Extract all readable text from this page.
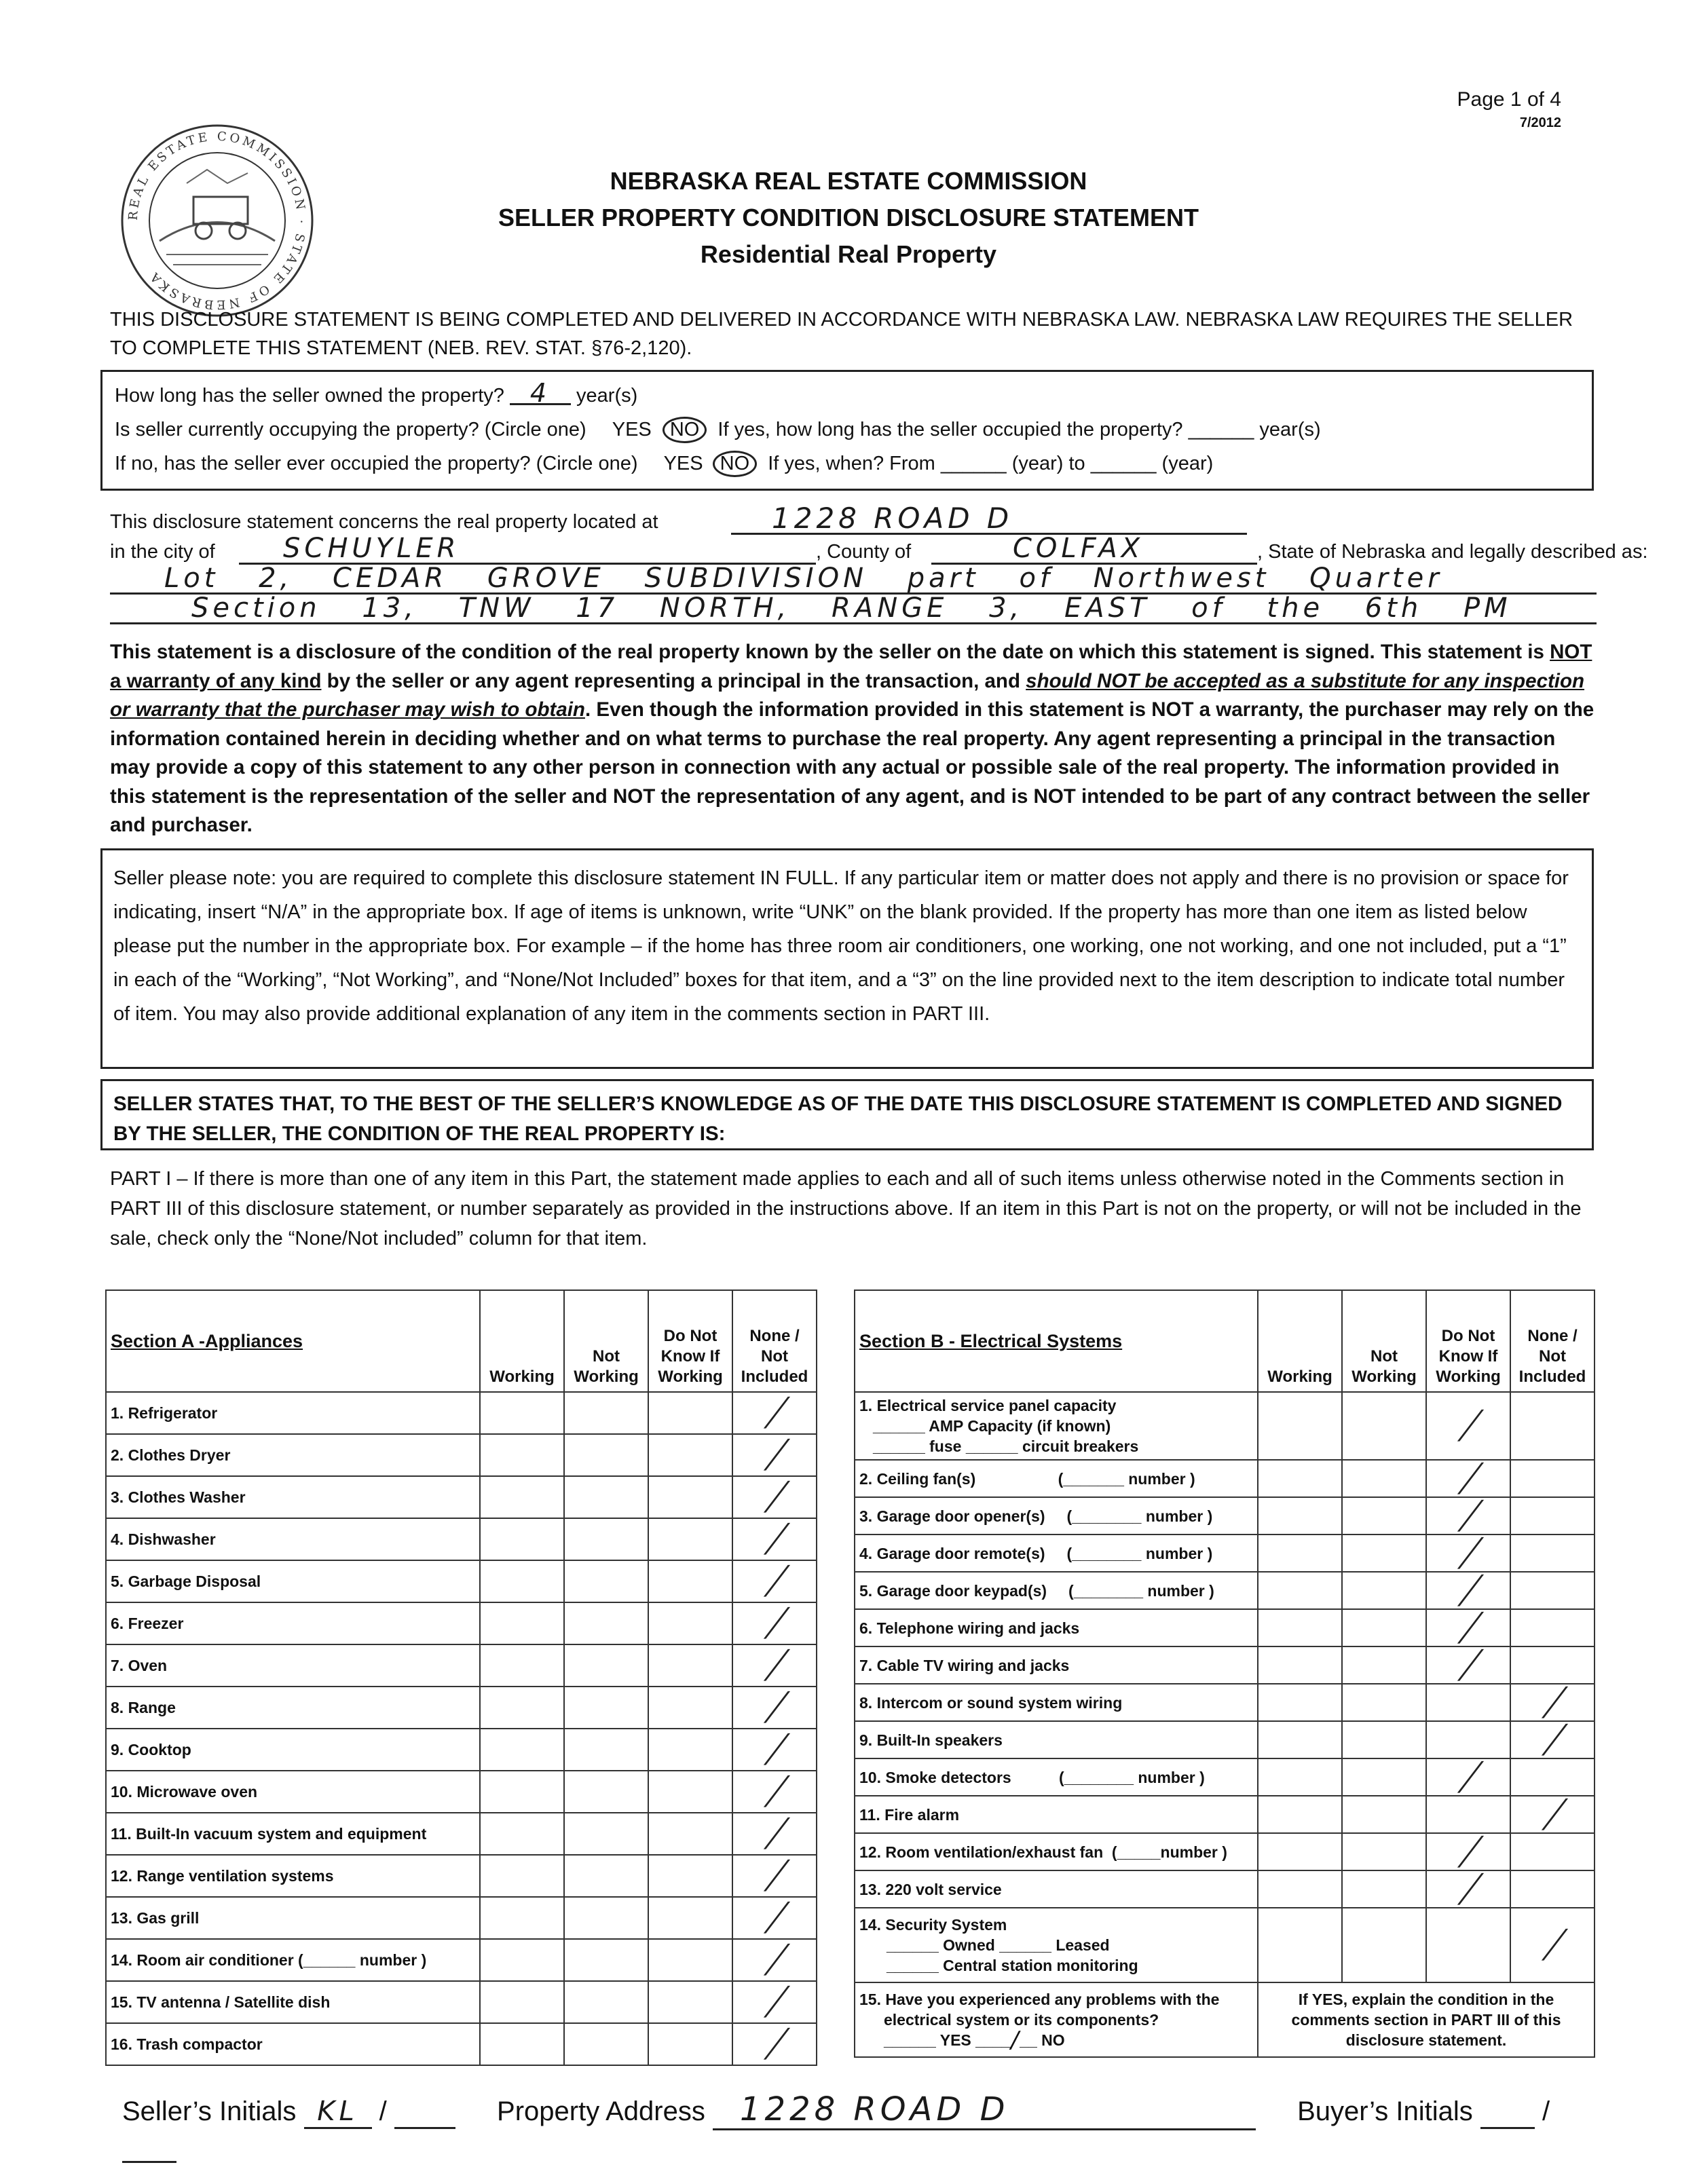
Page 1 of 4
7/2012
REAL ESTATE COMMISSION · STATE OF NEBRASKA
NEBRASKA REAL ESTATE COMMISSION
SELLER PROPERTY CONDITION DISCLOSURE STATEMENT
Residential Real Property
THIS DISCLOSURE STATEMENT IS BEING COMPLETED AND DELIVERED IN ACCORDANCE WITH NEBRASKA LAW. NEBRASKA LAW REQUIRES THE SELLER TO COMPLETE THIS STATEMENT (NEB. REV. STAT. §76-2,120).
How long has the seller owned the property? 4 year(s)
Is seller currently occupying the property? (Circle one) YES NO If yes, how long has the seller occupied the property? ______ year(s)
If no, has the seller ever occupied the property? (Circle one) YES NO If yes, when? From ______ (year) to ______ (year)
This disclosure statement concerns the real property located at	1228 ROAD D
in the city of	SCHUYLER	, County of	COLFAX	, State of Nebraska and legally described as:
Lot 2, CEDAR GROVE SUBDIVISION part of Northwest Quarter
Section 13, TNW 17 NORTH, RANGE 3, EAST of the 6th PM
This statement is a disclosure of the condition of the real property known by the seller on the date on which this statement is signed. This statement is NOT a warranty of any kind by the seller or any agent representing a principal in the transaction, and should NOT be accepted as a substitute for any inspection or warranty that the purchaser may wish to obtain. Even though the information provided in this statement is NOT a warranty, the purchaser may rely on the information contained herein in deciding whether and on what terms to purchase the real property. Any agent representing a principal in the transaction may provide a copy of this statement to any other person in connection with any actual or possible sale of the real property. The information provided in this statement is the representation of the seller and NOT the representation of any agent, and is NOT intended to be part of any contract between the seller and purchaser.
Seller please note: you are required to complete this disclosure statement IN FULL. If any particular item or matter does not apply and there is no provision or space for indicating, insert “N/A” in the appropriate box. If age of items is unknown, write “UNK” on the blank provided. If the property has more than one item as listed below please put the number in the appropriate box. For example – if the home has three room air conditioners, one working, one not working, and one not included, put a “1” in each of the “Working”, “Not Working”, and “None/Not Included” boxes for that item, and a “3” on the line provided next to the item description to indicate total number of item. You may also provide additional explanation of any item in the comments section in PART III.
SELLER STATES THAT, TO THE BEST OF THE SELLER’S KNOWLEDGE AS OF THE DATE THIS DISCLOSURE STATEMENT IS COMPLETED AND SIGNED BY THE SELLER, THE CONDITION OF THE REAL PROPERTY IS:
PART I – If there is more than one of any item in this Part, the statement made applies to each and all of such items unless otherwise noted in the Comments section in PART III of this disclosure statement, or number separately as provided in the instructions above. If an item in this Part is not on the property, or will not be included in the sale, check only the “None/Not included” column for that item.
Section A -Appliances	Working	Not Working	Do Not Know If Working	None / Not Included
1. Refrigerator				╱
2. Clothes Dryer				╱
3. Clothes Washer				╱
4. Dishwasher				╱
5. Garbage Disposal				╱
6. Freezer				╱
7. Oven				╱
8. Range				╱
9. Cooktop				╱
10. Microwave oven				╱
11. Built-In vacuum system and equipment				╱
12. Range ventilation systems				╱
13. Gas grill				╱
14. Room air conditioner (______ number )				╱
15. TV antenna / Satellite dish				╱
16. Trash compactor				╱
Section B - Electrical Systems	Working	Not Working	Do Not Know If Working	None / Not Included

1. Electrical service panel capacity
______ AMP Capacity (if known)
______ fuse ______ circuit breakers			╱	
2. Ceiling fan(s)                   (_______ number )			╱	
3. Garage door opener(s)     (________ number )			╱	
4. Garage door remote(s)     (________ number )			╱	
5. Garage door keypad(s)     (________ number )			╱	
6. Telephone wiring and jacks			╱	
7. Cable TV wiring and jacks			╱	
8. Intercom or sound system wiring				╱
9. Built-In speakers				╱
10. Smoke detectors           (________ number )			╱	
11. Fire alarm				╱
12. Room ventilation/exhaust fan  (_____number )			╱	
13. 220 volt service			╱	

14. Security System
______ Owned ______ Leased
______ Central station monitoring				╱

15. Have you experienced any problems with the
electrical system or its components?
______ YES ____╱__ NO	If YES, explain the condition in the comments section in PART III of this disclosure statement.			
Seller’s Initials KL /	Property Address 1228 ROAD D	Buyer’s Initials	/
